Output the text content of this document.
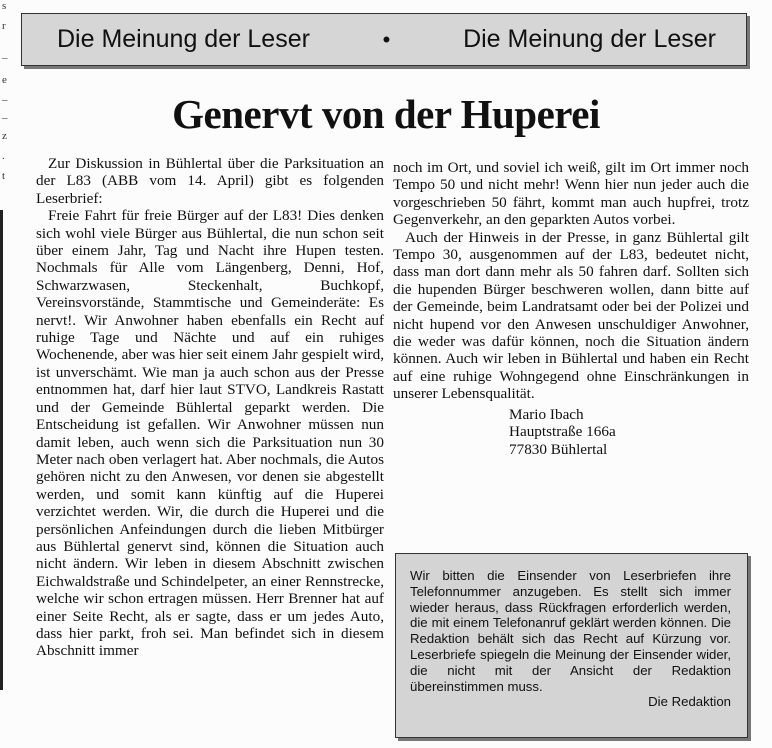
s
r
–
e
–
–
z
.
t
Die Meinung der Leser	•	Die Meinung der Leser
Genervt von der Huperei

Zur Diskussion in Bühlertal über die Parksituation an der L83 (ABB vom 14. April) gibt es folgenden Leserbrief:

Freie Fahrt für freie Bürger auf der L83! Dies denken sich wohl viele Bürger aus Bühlertal, die nun schon seit über einem Jahr, Tag und Nacht ihre Hupen testen. Nochmals für Alle vom Längenberg, Denni, Hof, Schwarzwasen, Steckenhalt, Buchkopf, Vereinsvorstände, Stammtische und Gemeinderäte: Es nervt!. Wir Anwohner haben ebenfalls ein Recht auf ruhige Tage und Nächte und auf ein ruhiges Wochenende, aber was hier seit einem Jahr gespielt wird, ist unverschämt. Wie man ja auch schon aus der Presse entnommen hat, darf hier laut STVO, Landkreis Rastatt und der Gemeinde Bühlertal geparkt werden. Die Entscheidung ist gefallen. Wir Anwohner müssen nun damit leben, auch wenn sich die Parksituation nun 30 Meter nach oben verlagert hat. Aber nochmals, die Autos gehören nicht zu den Anwesen, vor denen sie abgestellt werden, und somit kann künftig auf die Huperei verzichtet werden. Wir, die durch die Huperei und die persönlichen Anfeindungen durch die lieben Mitbürger aus Bühlertal genervt sind, können die Situation auch nicht ändern. Wir leben in diesem Abschnitt zwischen Eichwaldstraße und Schindelpeter, an einer Rennstrecke, welche wir schon ertragen müssen. Herr Brenner hat auf einer Seite Recht, als er sagte, dass er um jedes Auto, dass hier parkt, froh sei. Man befindet sich in diesem Abschnitt immer

noch im Ort, und soviel ich weiß, gilt im Ort immer noch Tempo 50 und nicht mehr! Wenn hier nun jeder auch die vorgeschrieben 50 fährt, kommt man auch hupfrei, trotz Gegenverkehr, an den geparkten Autos vorbei.

Auch der Hinweis in der Presse, in ganz Bühlertal gilt Tempo 30, ausgenommen auf der L83, bedeutet nicht, dass man dort dann mehr als 50 fahren darf. Sollten sich die hupenden Bürger beschweren wollen, dann bitte auf der Gemeinde, beim Landratsamt oder bei der Polizei und nicht hupend vor den Anwesen unschuldiger Anwohner, die weder was dafür können, noch die Situation ändern können. Auch wir leben in Bühlertal und haben ein Recht auf eine ruhige Wohngegend ohne Einschränkungen in unserer Lebensqualität.

Mario Ibach
Hauptstraße 166a
77830 Bühlertal
Wir bitten die Einsender von Leserbriefen ihre Telefonnummer anzugeben. Es stellt sich immer wieder heraus, dass Rückfragen erforderlich werden, die mit einem Telefonanruf geklärt werden können. Die Redaktion behält sich das Recht auf Kürzung vor. Leserbriefe spiegeln die Meinung der Einsender wider, die nicht mit der Ansicht der Redaktion übereinstimmen muss.
Die Redaktion
